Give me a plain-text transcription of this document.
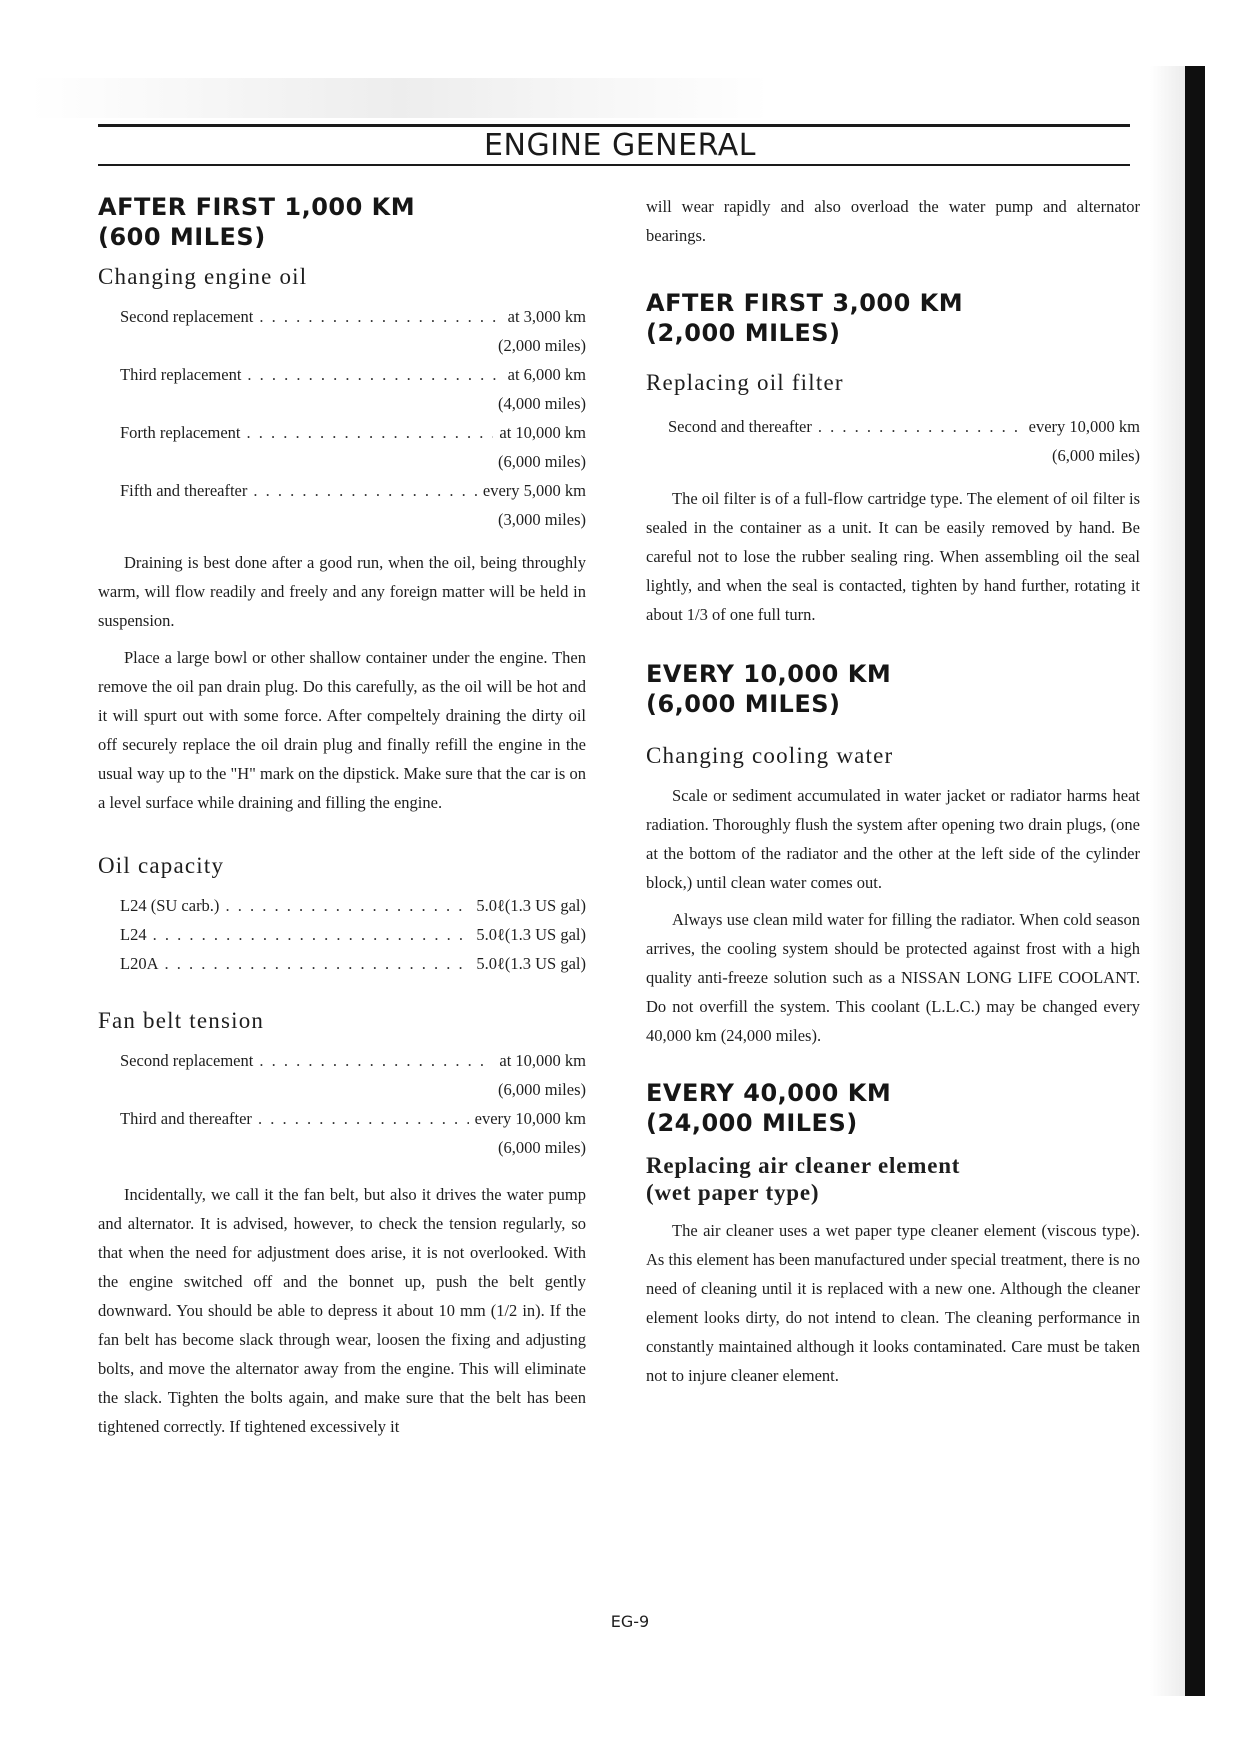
ENGINE GENERAL
AFTER FIRST 1,000 KM
(600 MILES)
Changing engine oil
Second replacement . . .	at 3,000 km
(2,000 miles)
Third replacement . . .	at 6,000 km
(4,000 miles)
Forth replacement . . .	at 10,000 km
(6,000 miles)
Fifth and thereafter . . .	every 5,000 km
(3,000 miles)

Draining is best done after a good run, when the oil, being throughly warm, will flow readily and freely and any foreign matter will be held in suspension.

Place a large bowl or other shallow container under the engine. Then remove the oil pan drain plug. Do this carefully, as the oil will be hot and it will spurt out with some force. After compeltely draining the dirty oil off securely replace the oil drain plug and finally refill the engine in the usual way up to the "H" mark on the dipstick. Make sure that the car is on a level surface while draining and filling the engine.

Oil capacity
L24 (SU carb.) . . .	5.0ℓ(1.3 US gal)
L24 . . .	5.0ℓ(1.3 US gal)
L20A . . .	5.0ℓ(1.3 US gal)
Fan belt tension
Second replacement . . .	at 10,000 km
(6,000 miles)
Third and thereafter . . .	every 10,000 km
(6,000 miles)

Incidentally, we call it the fan belt, but also it drives the water pump and alternator. It is advised, however, to check the tension regularly, so that when the need for adjustment does arise, it is not overlooked. With the engine switched off and the bonnet up, push the belt gently downward. You should be able to depress it about 10 mm (1/2 in). If the fan belt has become slack through wear, loosen the fixing and adjusting bolts, and move the alternator away from the engine. This will eliminate the slack. Tighten the bolts again, and make sure that the belt has been tightened correctly. If tightened excessively it

will wear rapidly and also overload the water pump and alternator bearings.

AFTER FIRST 3,000 KM
(2,000 MILES)
Replacing oil filter
Second and thereafter . . .	every 10,000 km
(6,000 miles)

The oil filter is of a full-flow cartridge type. The element of oil filter is sealed in the container as a unit. It can be easily removed by hand. Be careful not to lose the rubber sealing ring. When assembling oil the seal lightly, and when the seal is contacted, tighten by hand further, rotating it about 1/3 of one full turn.

EVERY 10,000 KM
(6,000 MILES)
Changing cooling water

Scale or sediment accumulated in water jacket or radiator harms heat radiation. Thoroughly flush the system after opening two drain plugs, (one at the bottom of the radiator and the other at the left side of the cylinder block,) until clean water comes out.

Always use clean mild water for filling the radiator. When cold season arrives, the cooling system should be protected against frost with a high quality anti-freeze solution such as a NISSAN LONG LIFE COOLANT. Do not overfill the system. This coolant (L.L.C.) may be changed every 40,000 km (24,000 miles).

EVERY 40,000 KM
(24,000 MILES)
Replacing air cleaner element
(wet paper type)

The air cleaner uses a wet paper type cleaner element (viscous type). As this element has been manufactured under special treatment, there is no need of cleaning until it is replaced with a new one. Although the cleaner element looks dirty, do not intend to clean. The cleaning performance in constantly maintained although it looks contaminated. Care must be taken not to injure cleaner element.

EG-9
